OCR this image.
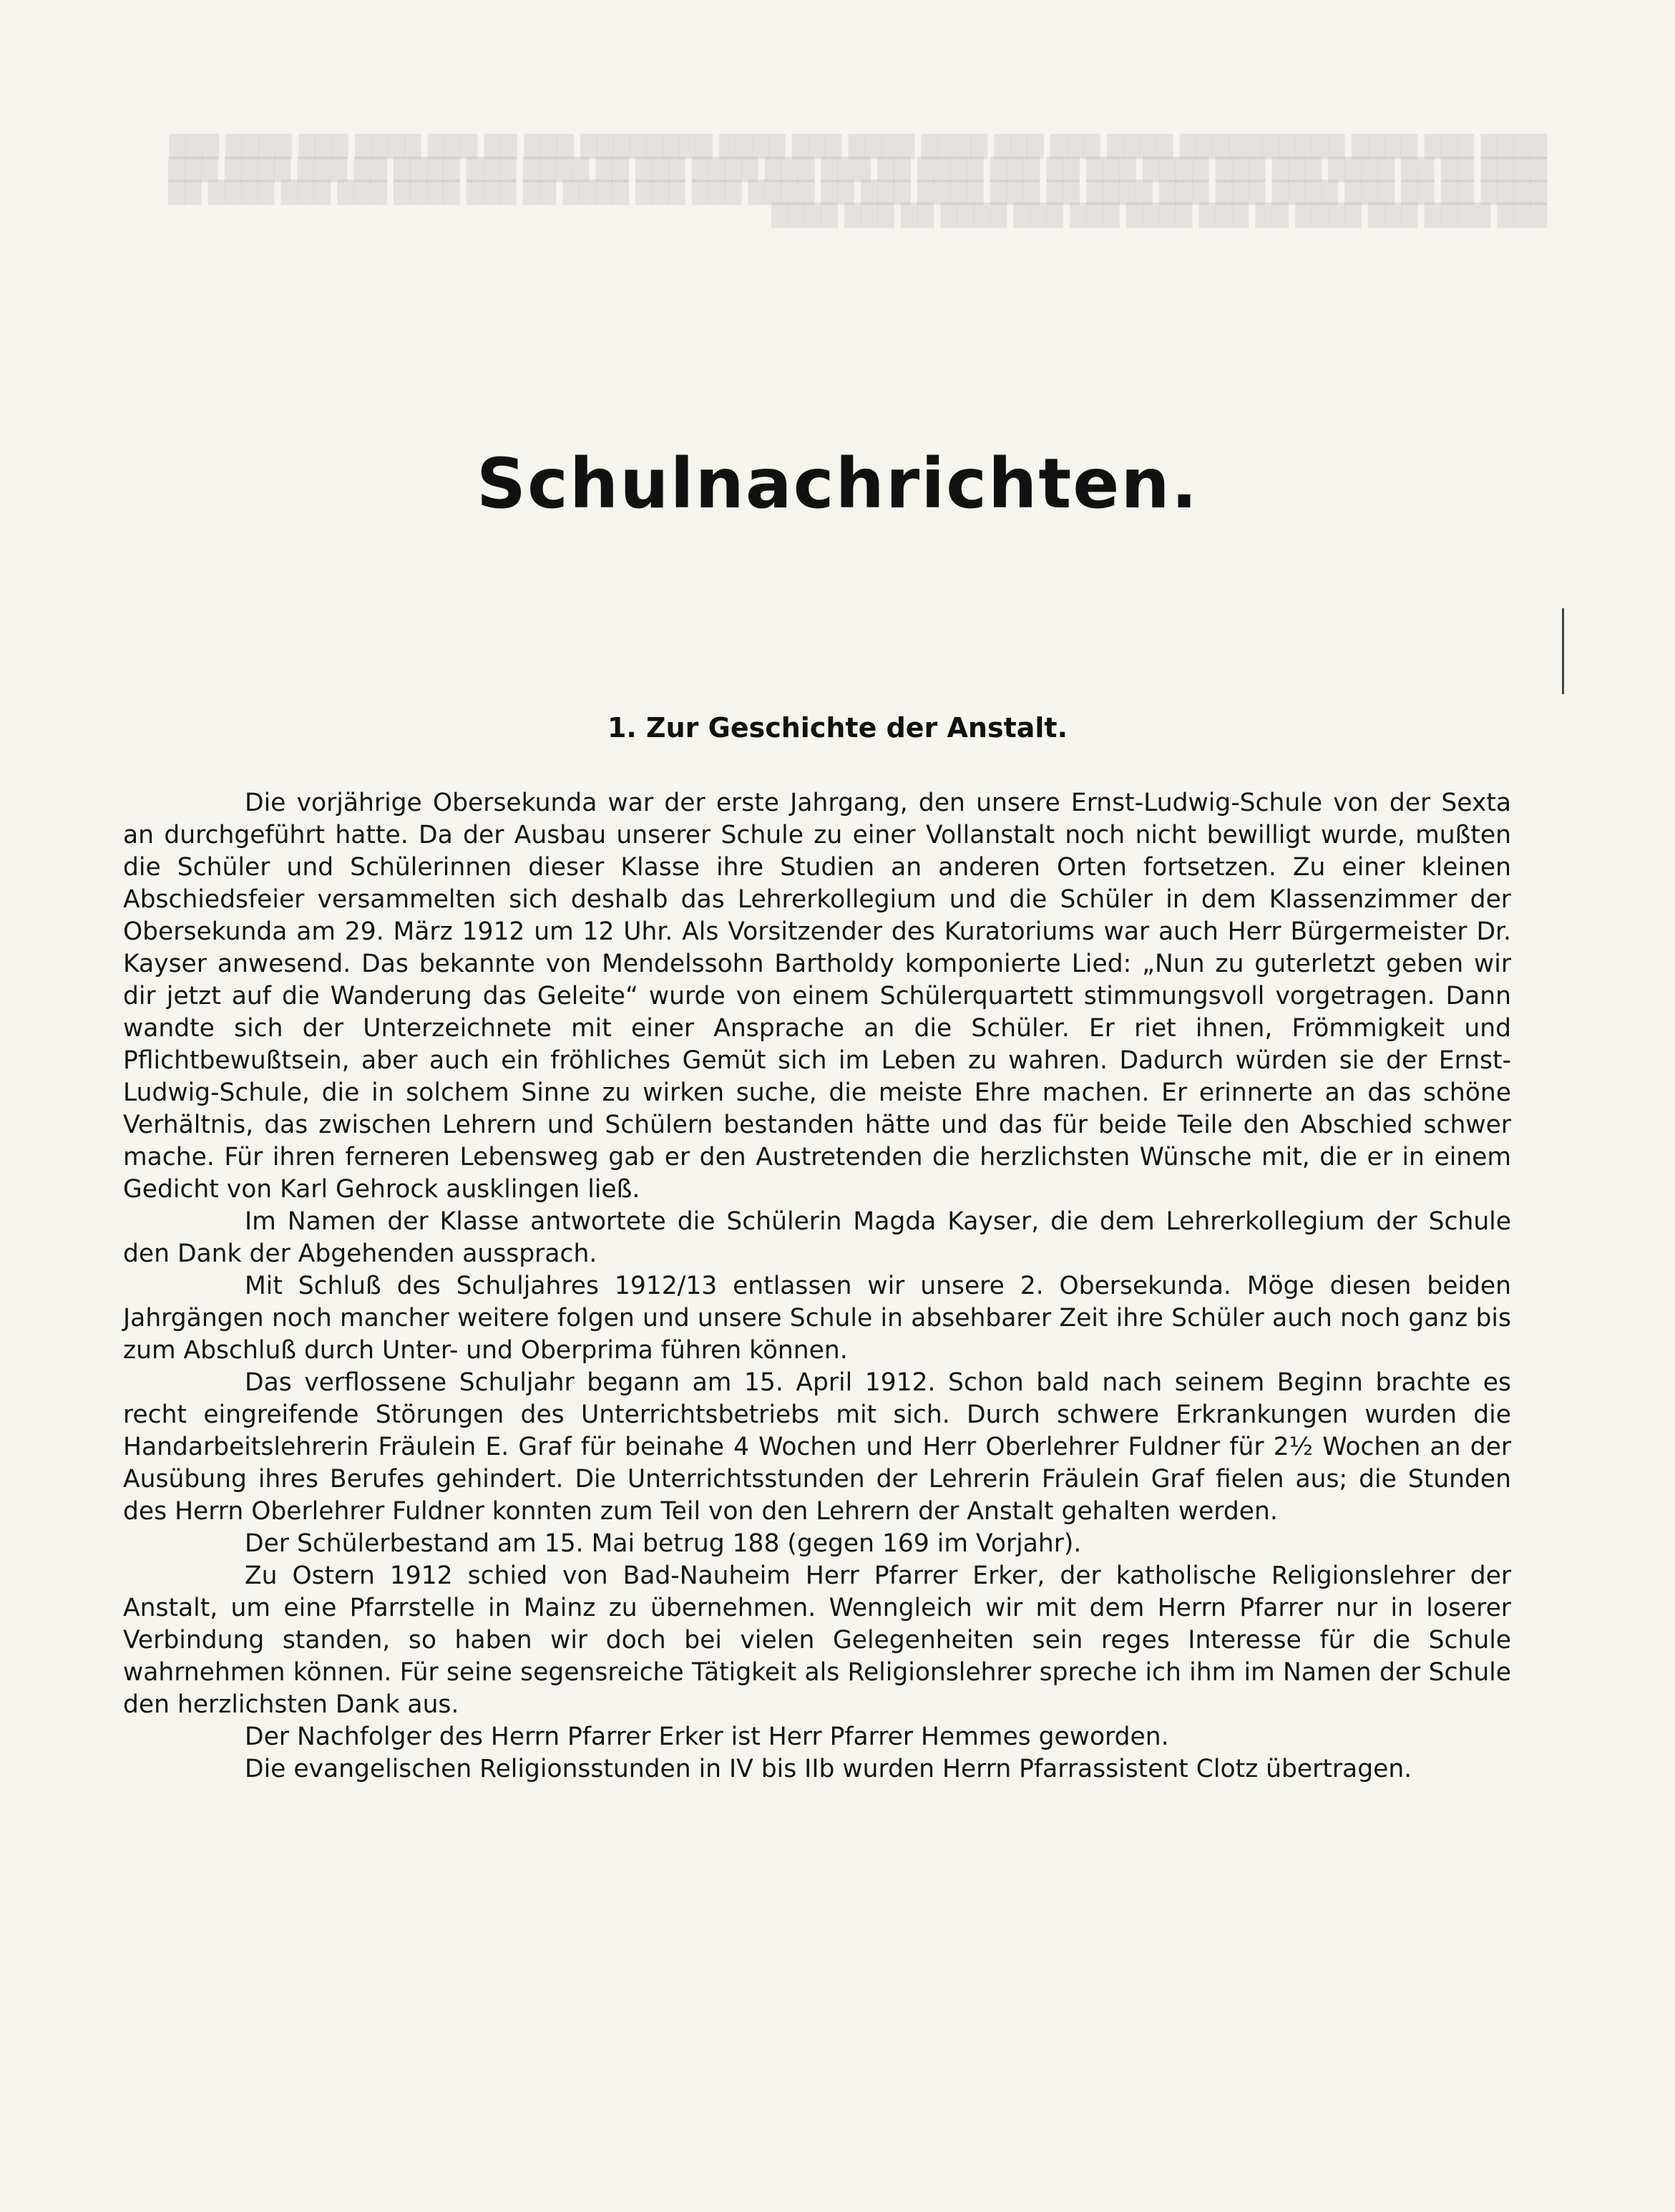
████ ███ ████ ██████████ ████ ███ ███ ████ ████ ███ ████ ████████ ███ ██ ███ ████ ███ ████ ███ ████ ██ ██ ████ ███ ███ ████ ███ ██ ███ ████ ██ ███ ███ ████ ███ ██ ████ ███ ████ ██ ███ ████ ███ ████ ██ ██ ███ ████ ███ ███ ████ ██ ███ ████ ███ ██ ████ ███ ███ ████ ██ ███ ████ ███ ███ ████ ██ ███ ████ ███ ████ ██ ███ ████ ███ ███ ████ ██ ███ ████
Schulnachrichten.
1. Zur Geschichte der Anstalt.

Die vorjährige Obersekunda war der erste Jahrgang, den unsere Ernst-Ludwig-Schule von der Sexta an durchgeführt hatte. Da der Ausbau unserer Schule zu einer Vollanstalt noch nicht bewilligt wurde, mußten die Schüler und Schülerinnen dieser Klasse ihre Studien an anderen Orten fortsetzen. Zu einer kleinen Abschiedsfeier versammelten sich deshalb das Lehrerkollegium und die Schüler in dem Klassenzimmer der Obersekunda am 29. März 1912 um 12 Uhr. Als Vorsitzender des Kuratoriums war auch Herr Bürgermeister Dr. Kayser anwesend. Das bekannte von Mendelssohn Bartholdy komponierte Lied: „Nun zu guterletzt geben wir dir jetzt auf die Wanderung das Geleite“ wurde von einem Schülerquartett stimmungsvoll vorgetragen. Dann wandte sich der Unterzeichnete mit einer Ansprache an die Schüler. Er riet ihnen, Frömmigkeit und Pflichtbewußtsein, aber auch ein fröhliches Gemüt sich im Leben zu wahren. Dadurch würden sie der Ernst-Ludwig-Schule, die in solchem Sinne zu wirken suche, die meiste Ehre machen. Er erinnerte an das schöne Verhältnis, das zwischen Lehrern und Schülern bestanden hätte und das für beide Teile den Abschied schwer mache. Für ihren ferneren Lebensweg gab er den Austretenden die herzlichsten Wünsche mit, die er in einem Gedicht von Karl Gehrock ausklingen ließ.

Im Namen der Klasse antwortete die Schülerin Magda Kayser, die dem Lehrerkollegium der Schule den Dank der Abgehenden aussprach.

Mit Schluß des Schuljahres 1912/13 entlassen wir unsere 2. Obersekunda. Möge diesen beiden Jahrgängen noch mancher weitere folgen und unsere Schule in absehbarer Zeit ihre Schüler auch noch ganz bis zum Abschluß durch Unter- und Oberprima führen können.

Das verflossene Schuljahr begann am 15. April 1912. Schon bald nach seinem Beginn brachte es recht eingreifende Störungen des Unterrichtsbetriebs mit sich. Durch schwere Erkrankungen wurden die Handarbeitslehrerin Fräulein E. Graf für beinahe 4 Wochen und Herr Oberlehrer Fuldner für 2½ Wochen an der Ausübung ihres Berufes gehindert. Die Unterrichtsstunden der Lehrerin Fräulein Graf fielen aus; die Stunden des Herrn Oberlehrer Fuldner konnten zum Teil von den Lehrern der Anstalt gehalten werden.

Der Schülerbestand am 15. Mai betrug 188 (gegen 169 im Vorjahr).

Zu Ostern 1912 schied von Bad-Nauheim Herr Pfarrer Erker, der katholische Religionslehrer der Anstalt, um eine Pfarrstelle in Mainz zu übernehmen. Wenngleich wir mit dem Herrn Pfarrer nur in loserer Verbindung standen, so haben wir doch bei vielen Gelegenheiten sein reges Interesse für die Schule wahrnehmen können. Für seine segensreiche Tätigkeit als Religionslehrer spreche ich ihm im Namen der Schule den herzlichsten Dank aus.

Der Nachfolger des Herrn Pfarrer Erker ist Herr Pfarrer Hemmes geworden.

Die evangelischen Religionsstunden in IV bis IIb wurden Herrn Pfarrassistent Clotz übertragen.
